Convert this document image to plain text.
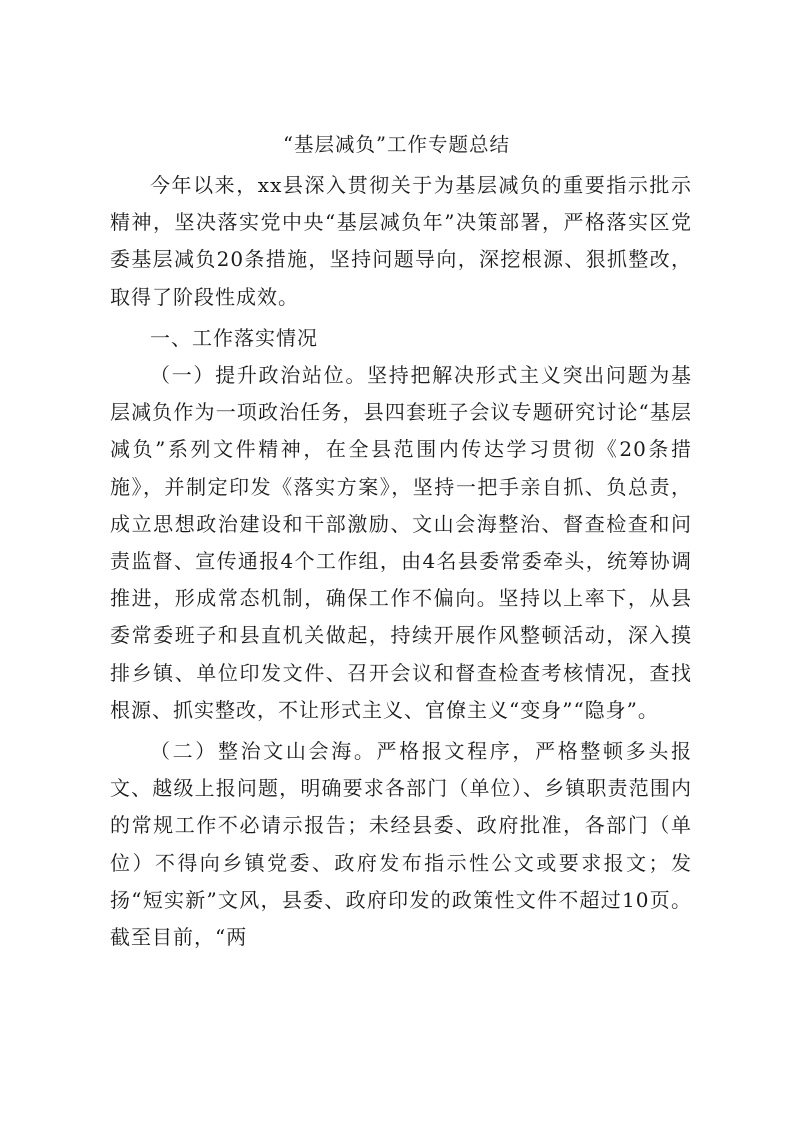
“基层减负”工作专题总结

今年以来，xx县深入贯彻关于为基层减负的重要指示批示精神，坚决落实党中央“基层减负年”决策部署，严格落实区党委基层减负20条措施，坚持问题导向，深挖根源、狠抓整改，取得了阶段性成效。

一、工作落实情况

（一）提升政治站位。坚持把解决形式主义突出问题为基层减负作为一项政治任务，县四套班子会议专题研究讨论“基层减负”系列文件精神，在全县范围内传达学习贯彻《20条措施》，并制定印发《落实方案》，坚持一把手亲自抓、负总责，成立思想政治建设和干部激励、文山会海整治、督查检查和问责监督、宣传通报4个工作组，由4名县委常委牵头，统筹协调推进，形成常态机制，确保工作不偏向。坚持以上率下，从县委常委班子和县直机关做起，持续开展作风整顿活动，深入摸排乡镇、单位印发文件、召开会议和督查检查考核情况，查找根源、抓实整改，不让形式主义、官僚主义“变身”“隐身”。

（二）整治文山会海。严格报文程序，严格整顿多头报文、越级上报问题，明确要求各部门（单位）、乡镇职责范围内的常规工作不必请示报告；未经县委、政府批准，各部门（单位）不得向乡镇党委、政府发布指示性公文或要求报文；发扬“短实新”文风，县委、政府印发的政策性文件不超过10页。截至目前，“两
